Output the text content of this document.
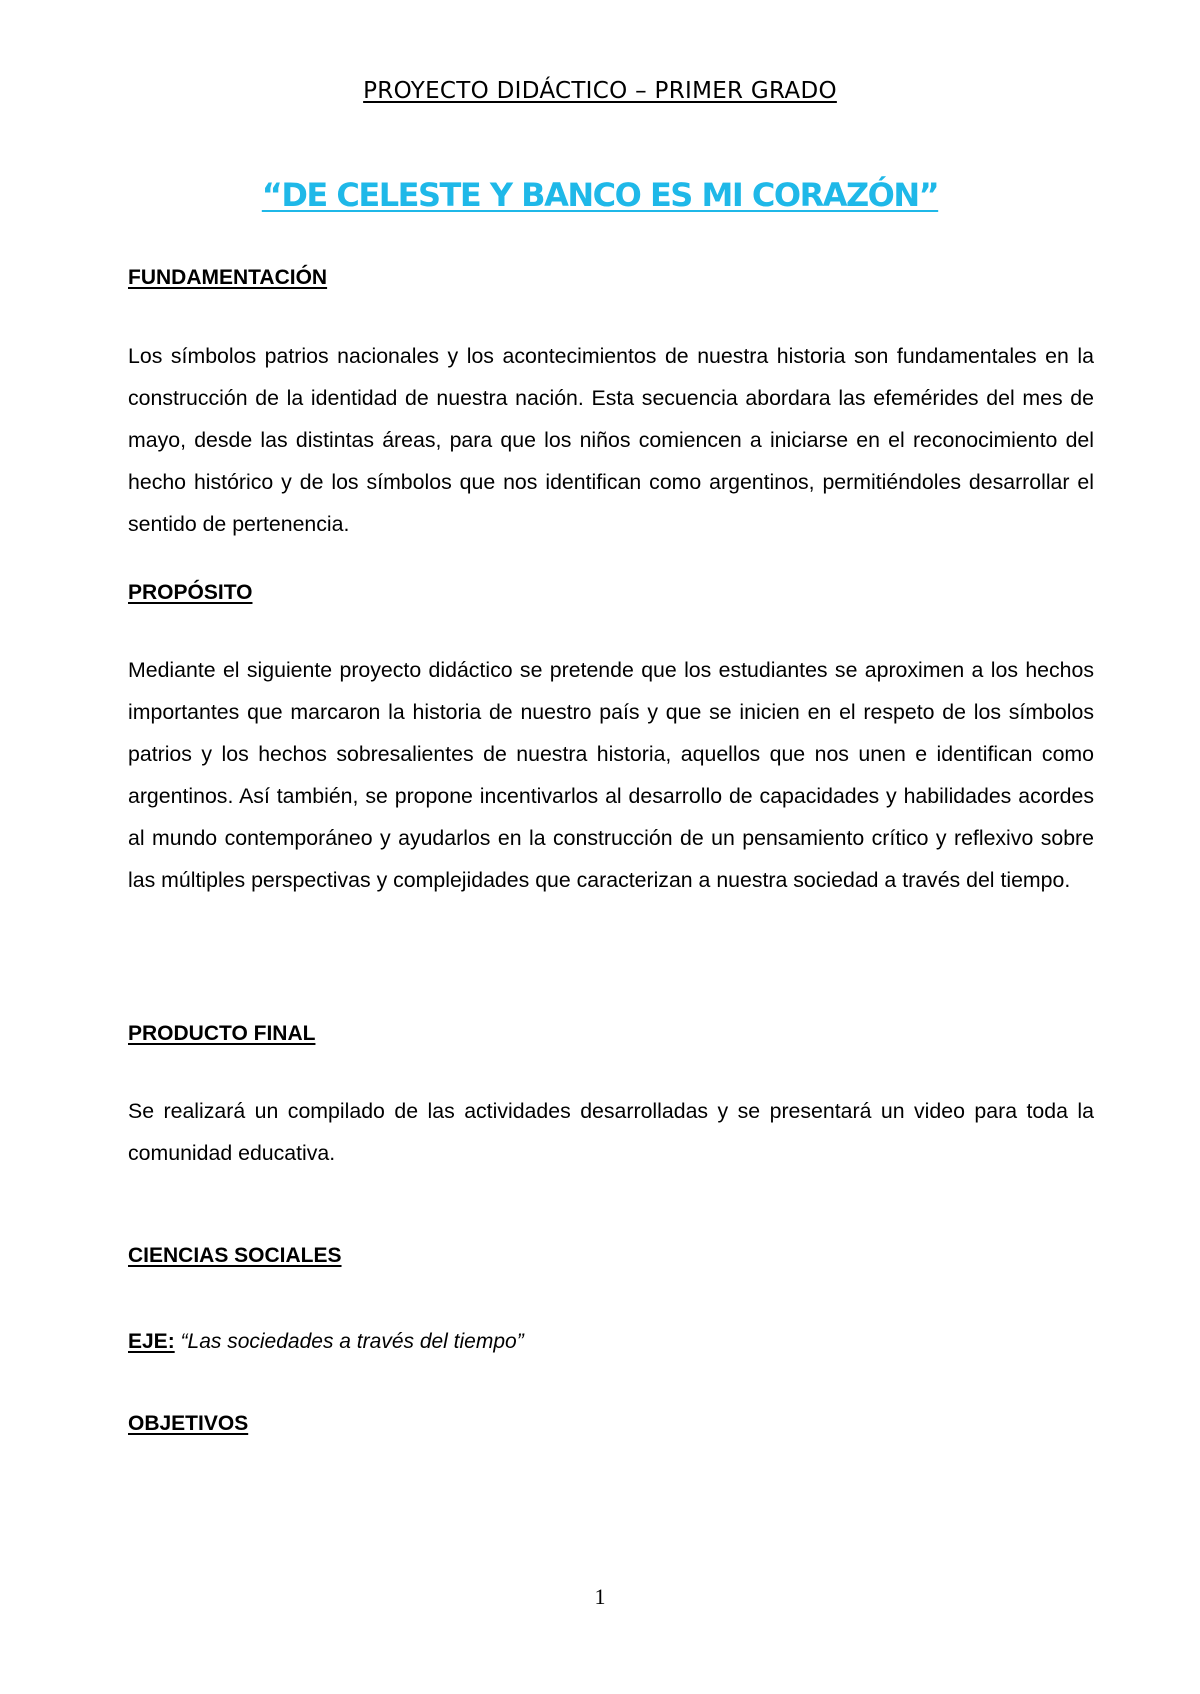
PROYECTO DIDÁCTICO – PRIMER GRADO
“DE CELESTE Y BANCO ES MI CORAZÓN”
FUNDAMENTACIÓN

Los símbolos patrios nacionales y los acontecimientos de nuestra historia son fundamentales en la construcción de la identidad de nuestra nación. Esta secuencia abordara las efemérides del mes de mayo, desde las distintas áreas, para que los niños comiencen a iniciarse en el reconocimiento del hecho histórico y de los símbolos que nos identifican como argentinos, permitiéndoles desarrollar el sentido de pertenencia.

PROPÓSITO

Mediante el siguiente proyecto didáctico se pretende que los estudiantes se aproximen a los hechos importantes que marcaron la historia de nuestro país y que se inicien en el respeto de los símbolos patrios y los hechos sobresalientes de nuestra historia, aquellos que nos unen e identifican como argentinos. Así también, se propone incentivarlos al desarrollo de capacidades y habilidades acordes al mundo contemporáneo y ayudarlos en la construcción de un pensamiento crítico y reflexivo sobre las múltiples perspectivas y complejidades que caracterizan a nuestra sociedad a través del tiempo.

PRODUCTO FINAL

Se realizará un compilado de las actividades desarrolladas y se presentará un video para toda la comunidad educativa.

CIENCIAS SOCIALES
EJE: “Las sociedades a través del tiempo”
OBJETIVOS
1
